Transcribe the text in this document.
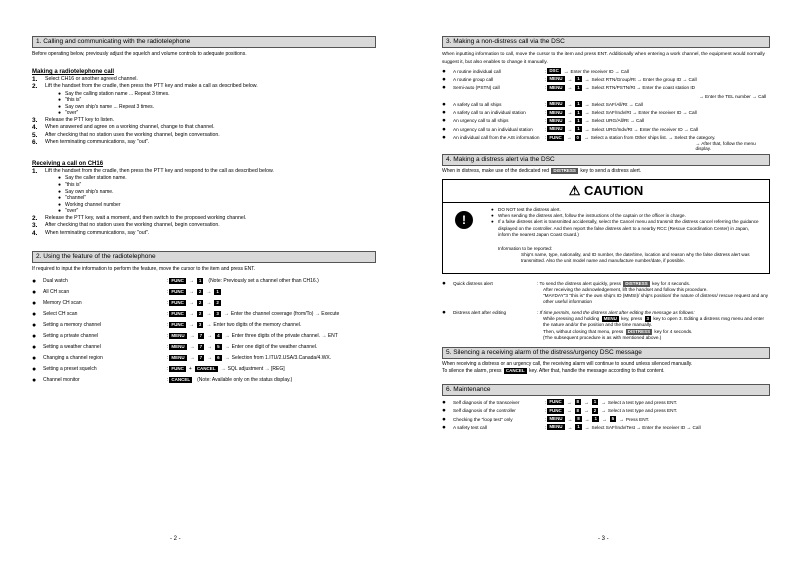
1. Calling and communicating with the radiotelephone
Before operating below, previously adjust the squelch and volume controls to adequate positions.
Making a radiotelephone call
1.	Select CH16 or another agreed channel.
2.	Lift the handset from the cradle, then press the PTT key and make a call as described below.
● Say the calling station name ... Repeat 3 times.
● "this is"
● Say own ship's name ... Repeat 3 times.
● "over"
3.	Release the PTT key to listen.
4.	When answered and agree on a working channel, change to that channel.
5.	After checking that no station uses the working channel, begin conversation.
6.	When terminating communications, say "out".
Receiving a call on CH16
1.	Lift the handset from the cradle, then press the PTT key and respond to the call as described below.
● Say the caller station name.
● "this is"
● Say own ship's name.
● "channel"
● Working channel number
● "over"
2.	Release the PTT key, wait a moment, and then switch to the proposed working channel.
3.	After checking that no station uses the working channel, begin conversation.
4.	When terminating communications, say "out".
2. Using the feature of the radiotelephone
If required to input the information to perform the feature, move the cursor to the item and press ENT.
●	Dual watch	: FUNC	→	1	(Note: Previously set a channel other than CH16.)
●	All CH scan	: FUNC	→	2	→	1
●	Memory CH scan	: FUNC	→	2	→	2
●	Select CH scan	: FUNC	→	2	→	3	→ Enter the channel coverage (from/To) → Execute
●	Setting a memory channel	: FUNC	→	3	→ Enter two digits of the memory channel.
●	Setting a private channel	: MENU	→	7	→	4	→ Enter three digits of the private channel. → ENT
●	Setting a weather channel	: MENU	→	7	→	5	→ Enter one digit of the weather channel.
●	Changing a channel region	: MENU	→	7	→	6	→ Selection from 1.ITU/2.USA/3.Canada/4.WX.
●	Setting a preset squelch	: FUNC	+	CANCEL	→ SQL adjustment → [REG]
●	Channel monitor	: CANCEL	(Note: Available only on the status display.)
- 2 -
3. Making a non-distress call via the DSC
When inputting information to call, move the cursor to the item and press ENT. Additionally when entering a work channel, the equipment would normally suggest it, but also enables to change it manually.
●	A routine individual call	: DSC	→ Enter the receiver ID → Call
●	A routine group call	: MENU	→	1	→ Select RTN/Group/Rt → Enter the group ID → Call
●	Semi-auto (PSTN) call	: MENU	→	1	→ Select RTN/PSTN/Rt → Enter the coast station ID
→ Enter the TEL number → Call
●	A safety call to all ships	: MENU	→	1	→ Select SAF/All/Rt → Call
●	A safety call to an individual station	: MENU	→	1	→ Select SAF/Indv/Rt → Enter the receiver ID → Call
●	An urgency call to all ships	: MENU	→	1	→ Select URG/All/Rt → Call
●	An urgency call to an individual station	: MENU	→	1	→ Select URG/Indv/Rt → Enter the receiver ID → Call
●	An individual call from the AIS information	: FUNC	→	0	→ Select a station from Other ships list. → Select the category.
→ After that, follow the menu display.
4. Making a distress alert via the DSC
When in distress, make use of the dedicated red DISTRESS key to send a distress alert.
⚠ CAUTION
!
● DO NOT test the distress alert.
● When sending the distress alert, follow the instructions of the captain or the officer in charge.
● If a false distress alert is transmitted accidentally, select the Cancel menu and transmit the distress cancel referring the guidance displayed on the controller. And then report the false distress alert to a nearby RCC (Rescue Coordination Center) in Japan, inform the nearest Japan Coast Guard.)
Information to be reported:
Ship's name, type, nationality, and ID number, the date/time, location and reason why the false distress alert was transmitted. Also the unit model name and manufacture number/date, if possible.
●	Quick distress alert	: To send the distress alert quickly, press DISTRESS key for 4 seconds.
After receiving the acknowledgement, lift the handset and follow this procedure.
"MAYDAY"3 "this is" the own ship's ID (MMSI)/ ship's position/ the nature of distress/ rescue request and any other useful information
●	Distress alert after editing	: If time permits, send the distress alert after editing the message as follows:
While pressing and holding MENU key, press 3 key to open 3. Editing a distress msg menu and enter the nature and/or the position and the time manually.
Then, without closing that menu, press DISTRESS key for 4 seconds.
(The subsequent procedure is as with mentioned above.)
5. Silencing a receiving alarm of the distress/urgency DSC message
When receiving a distress or an urgency call, the receiving alarm will continue to sound unless silenced manually.
To silence the alarm, press CANCEL key. After that, handle the message according to that content.
6. Maintenance
●	Self diagnosis of the transceiver	: FUNC	→	8	→	1	→ Select a test type and press ENT.
●	Self diagnosis of the controller	: FUNC	→	8	→	2	→ Select a test type and press ENT.
●	Checking the "loop test" only	: MENU	→	8	→	1	→	5	→ Press ENT.
●	A safety test call	: MENU	→	1	→ Select SAF/Indv/Test → Enter the receiver ID → Call
- 3 -
